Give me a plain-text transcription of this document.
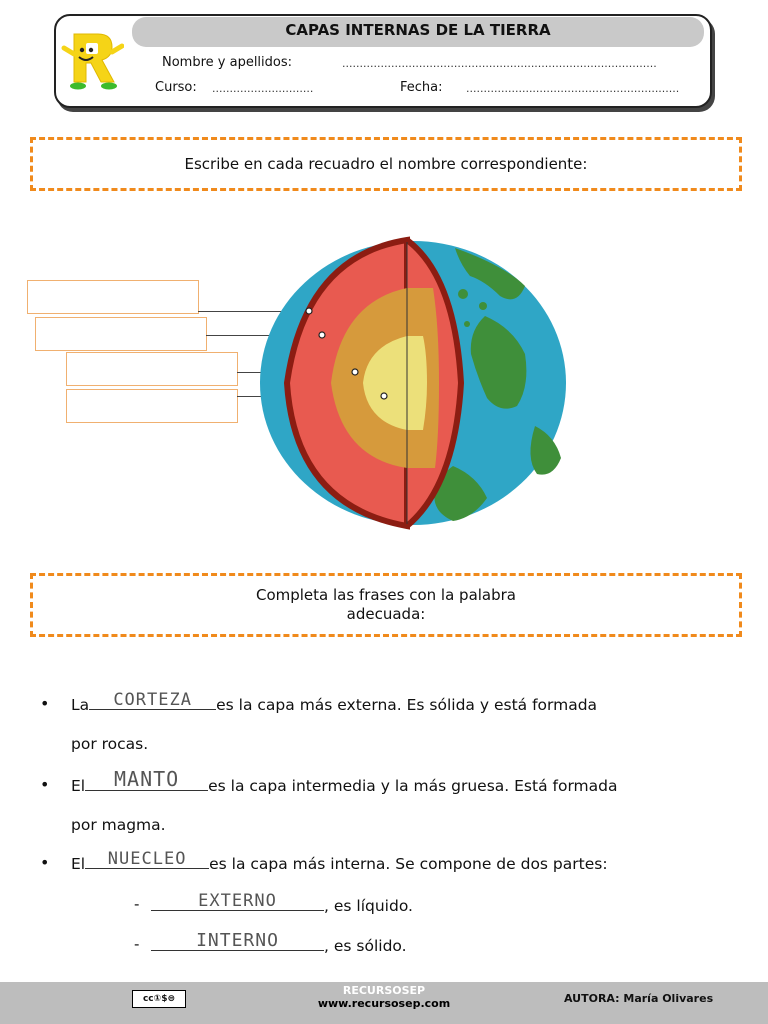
CAPAS INTERNAS DE LA TIERRA
Nombre y apellidos:	..........................................................................................
Curso: .............................	Fecha: .............................................................
Escribe en cada recuadro el nombre correspondiente:
Completa las frases con la palabra
adecuada:
• La	CORTEZA	es la capa más externa. Es sólida y está formada
por rocas.
• El	MANTO	es la capa intermedia y la más gruesa. Está formada
por magma.
• El	NUECLEO	es la capa más interna. Se compone de dos partes:
-	EXTERNO	, es líquido.
-	INTERNO	, es sólido.
cc①$⊜
RECURSOSEP
www.recursosep.com	AUTORA: María Olivares
